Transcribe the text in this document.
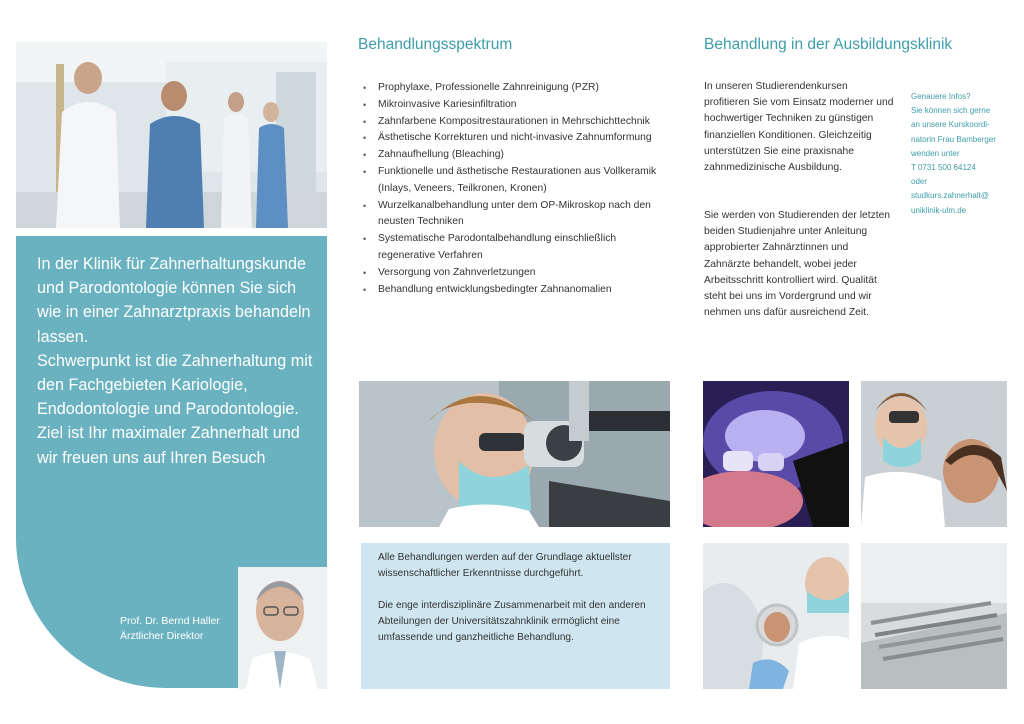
In der Klinik für Zahnerhaltungskunde und Parodontologie können Sie sich wie in einer Zahnarztpraxis behandeln lassen.

Schwerpunkt ist die Zahnerhaltung mit den Fachgebieten Kariologie, Endodontologie und Parodontologie.

Ziel ist Ihr maximaler Zahnerhalt und wir freuen uns auf Ihren Besuch

Prof. Dr. Bernd Haller
Ärztlicher Direktor
Behandlungsspektrum
• Prophylaxe, Professionelle Zahnreinigung (PZR)
• Mikroinvasive Kariesinfiltration
• Zahnfarbene Kompositrestaurationen in Mehrschichttechnik
• Ästhetische Korrekturen und nicht-invasive Zahnumformung
• Zahnaufhellung (Bleaching)
• Funktionelle und ästhetische Restaurationen aus Vollkeramik (Inlays, Veneers, Teilkronen, Kronen)
• Wurzelkanalbehandlung unter dem OP-Mikroskop nach den neusten Techniken
• Systematische Parodontalbehandlung einschließlich regenerative Verfahren
• Versorgung von Zahnverletzungen
• Behandlung entwicklungsbedingter Zahnanomalien

Alle Behandlungen werden auf der Grundlage aktuellster wissenschaftlicher Erkenntnisse durchgeführt.

Die enge interdisziplinäre Zusammenarbeit mit den anderen Abteilungen der Universitätszahnklinik ermöglicht eine umfassende und ganzheitliche Behandlung.

Behandlung in der Ausbildungsklinik

In unseren Studierendenkursen profitieren Sie vom Einsatz moderner und hochwertiger Techniken zu günstigen finanziellen Konditionen. Gleichzeitig unterstützen Sie eine praxisnahe zahnmedizinische Ausbildung.

Sie werden von Studierenden der letzten beiden Studienjahre unter Anleitung approbierter Zahnärztinnen und Zahnärzte behandelt, wobei jeder Arbeitsschritt kontrolliert wird. Qualität steht bei uns im Vordergrund und wir nehmen uns dafür ausreichend Zeit.

Genauere Infos?
Sie können sich gerne
an unsere Kurskoordi-
natorin Frau Bamberger
wenden unter
T 0731 500 64124
oder
studkurs.zahnerhalt@
uniklinik-ulm.de
